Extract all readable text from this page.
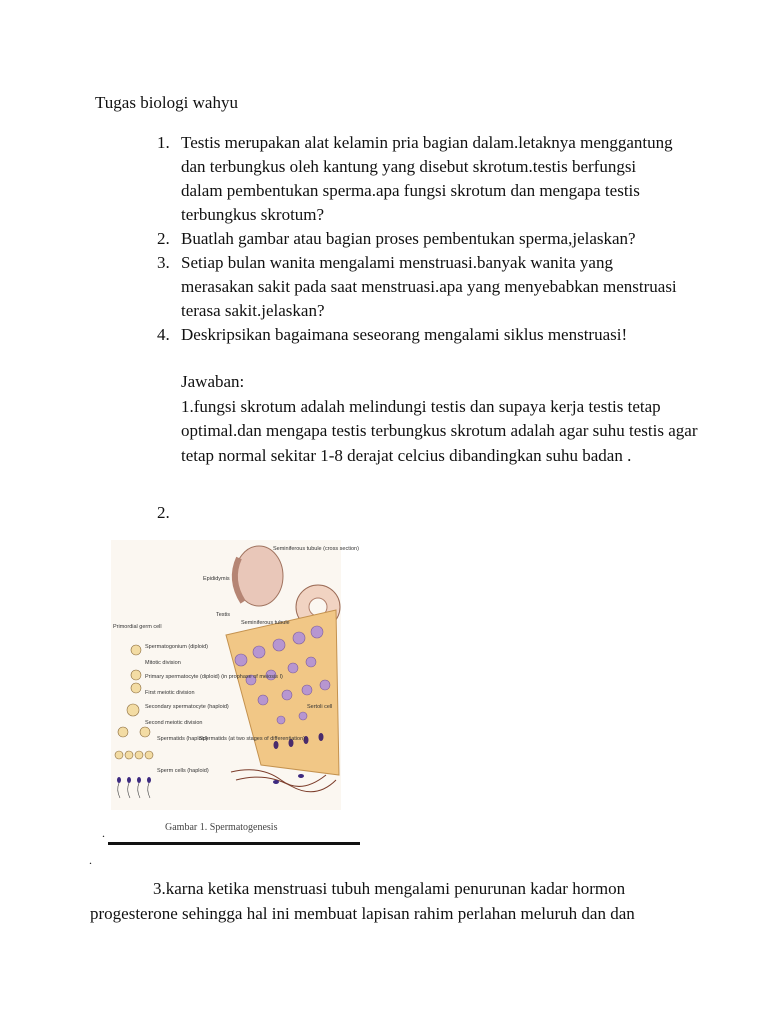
Tugas biologi wahyu
1. Testis merupakan alat kelamin pria bagian dalam.letaknya menggantung dan terbungkus oleh kantung yang disebut skrotum.testis berfungsi dalam pembentukan sperma.apa fungsi skrotum dan mengapa testis terbungkus skrotum?
2. Buatlah gambar atau bagian proses pembentukan sperma,jelaskan?
3. Setiap bulan wanita mengalami menstruasi.banyak wanita yang merasakan sakit pada saat menstruasi.apa yang menyebabkan menstruasi terasa sakit.jelaskan?
4. Deskripsikan bagaimana seseorang mengalami siklus menstruasi!
Jawaban:

1.fungsi skrotum adalah melindungi testis dan supaya kerja testis tetap optimal.dan mengapa testis terbungkus skrotum adalah agar suhu testis agar tetap normal sekitar 1-8 derajat celcius dibandingkan suhu badan .

2.
Seminiferous tubule (cross section)
Epididymis
Testis
Seminiferous tubule
Primordial germ cell
Spermatogonium (diploid)
Mitotic division
Primary spermatocyte (diploid) (in prophase of meiosis I)
First meiotic division
Secondary spermatocyte (haploid)
Second meiotic division
Spermatids (haploid)
Spermatids (at two stages of differentiation)
Sperm cells (haploid)
Sertoli cell
.	Gambar 1. Spermatogenesis
.
3.karna ketika menstruasi tubuh mengalami penurunan kadar hormon progesterone sehingga hal ini membuat lapisan rahim perlahan meluruh dan dan
